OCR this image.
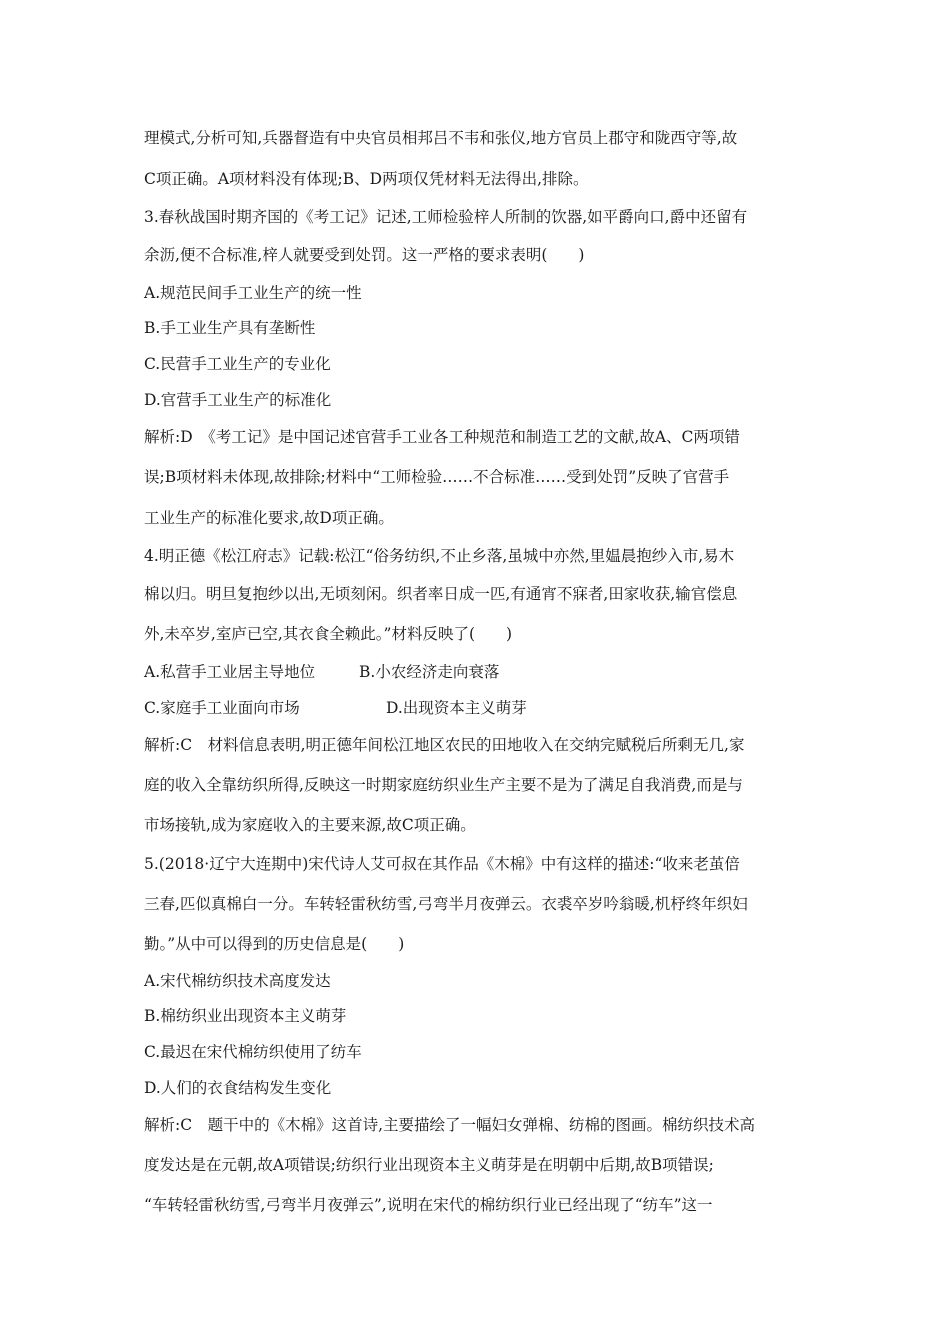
理模式,分析可知,兵器督造有中央官员相邦吕不韦和张仪,地方官员上郡守和陇西守等,故

C项正确。A项材料没有体现;B、D两项仅凭材料无法得出,排除。

3.春秋战国时期齐国的《考工记》记述,工师检验梓人所制的饮器,如平爵向口,爵中还留有

余沥,便不合标准,梓人就要受到处罚。这一严格的要求表明(　　)

A.规范民间手工业生产的统一性

B.手工业生产具有垄断性

C.民营手工业生产的专业化

D.官营手工业生产的标准化

解析:D　《考工记》是中国记述官营手工业各工种规范和制造工艺的文献,故A、C两项错

误;B项材料未体现,故排除;材料中“工师检验……不合标准……受到处罚”反映了官营手

工业生产的标准化要求,故D项正确。

4.明正德《松江府志》记载:松江“俗务纺织,不止乡落,虽城中亦然,里媪晨抱纱入市,易木

棉以归。明旦复抱纱以出,无顷刻闲。织者率日成一匹,有通宵不寐者,田家收获,输官偿息

外,未卒岁,室庐已空,其衣食全赖此。”材料反映了(　　)

A.私营手工业居主导地位	B.小农经济走向衰落

C.家庭手工业面向市场	D.出现资本主义萌芽

解析:C　材料信息表明,明正德年间松江地区农民的田地收入在交纳完赋税后所剩无几,家

庭的收入全靠纺织所得,反映这一时期家庭纺织业生产主要不是为了满足自我消费,而是与

市场接轨,成为家庭收入的主要来源,故C项正确。

5.(2018·辽宁大连期中)宋代诗人艾可叔在其作品《木棉》中有这样的描述:“收来老茧倍

三春,匹似真棉白一分。车转轻雷秋纺雪,弓弯半月夜弹云。衣裘卒岁吟翁暖,机杼终年织妇

勤。”从中可以得到的历史信息是(　　)

A.宋代棉纺织技术高度发达

B.棉纺织业出现资本主义萌芽

C.最迟在宋代棉纺织使用了纺车

D.人们的衣食结构发生变化

解析:C　题干中的《木棉》这首诗,主要描绘了一幅妇女弹棉、纺棉的图画。棉纺织技术高

度发达是在元朝,故A项错误;纺织行业出现资本主义萌芽是在明朝中后期,故B项错误;

“车转轻雷秋纺雪,弓弯半月夜弹云”,说明在宋代的棉纺织行业已经出现了“纺车”这一
